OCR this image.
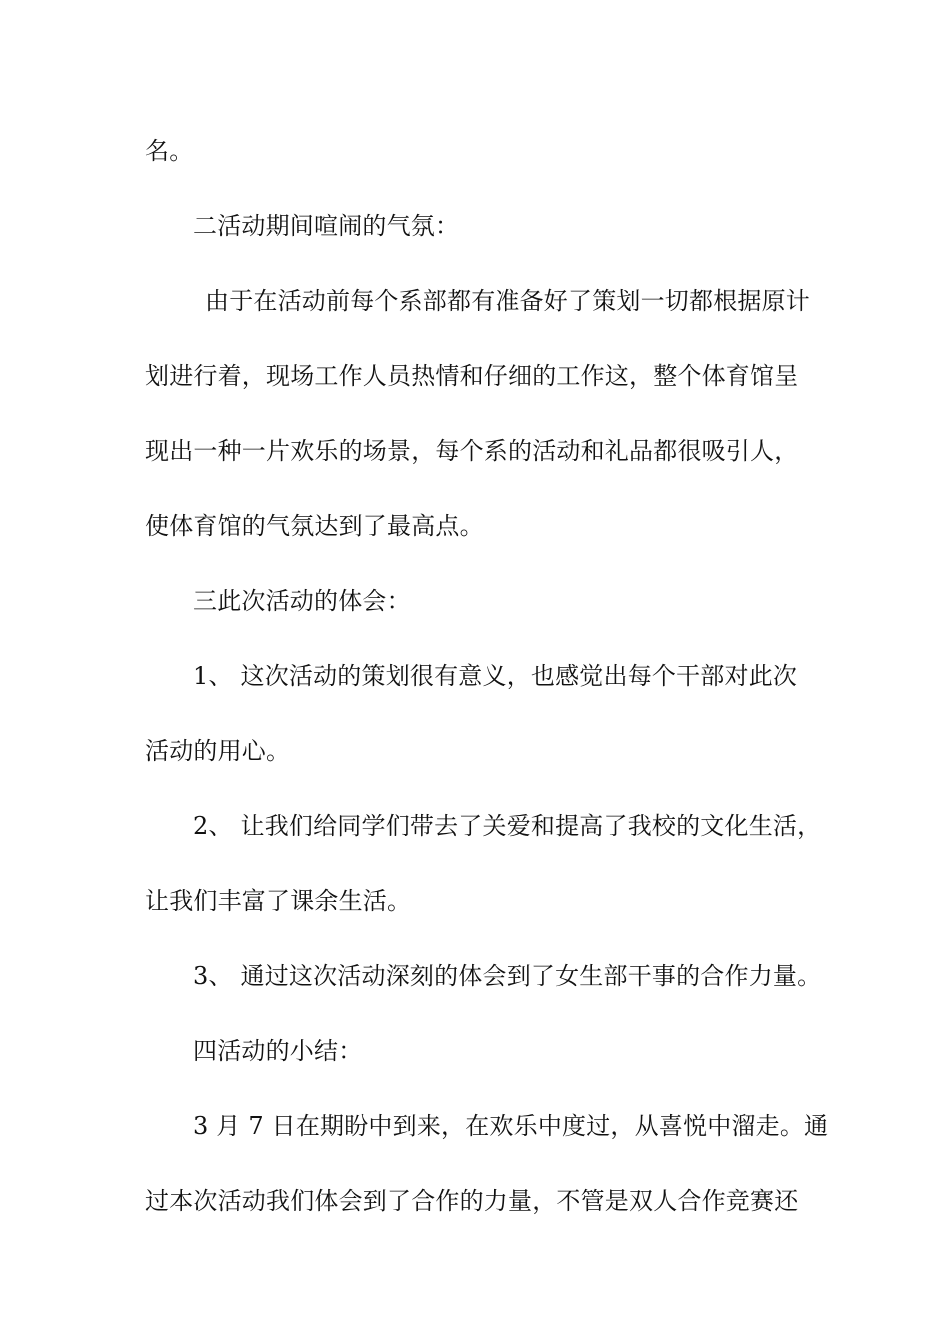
名。
二活动期间喧闹的气氛：
由于在活动前每个系部都有准备好了策划一切都根据原计
划进行着，现场工作人员热情和仔细的工作这，整个体育馆呈
现出一种一片欢乐的场景，每个系的活动和礼品都很吸引人，
使体育馆的气氛达到了最高点。
三此次活动的体会：
1、 这次活动的策划很有意义，也感觉出每个干部对此次
活动的用心。
2、 让我们给同学们带去了关爱和提高了我校的文化生活，
让我们丰富了课余生活。
3、 通过这次活动深刻的体会到了女生部干事的合作力量。
四活动的小结：
3 月 7 日在期盼中到来，在欢乐中度过，从喜悦中溜走。通
过本次活动我们体会到了合作的力量，不管是双人合作竞赛还
